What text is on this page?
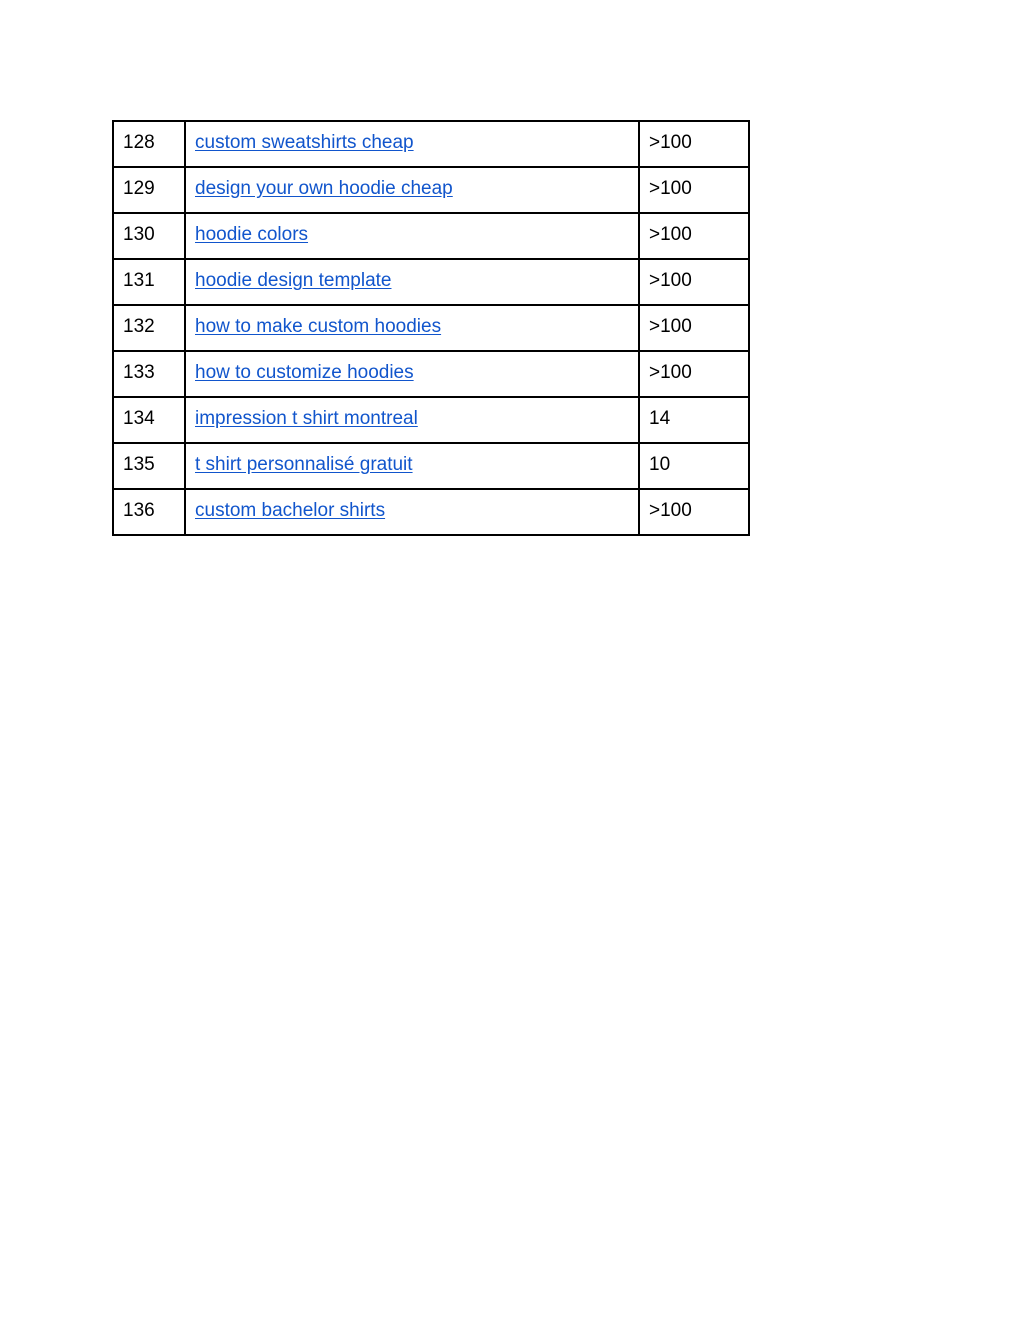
128	custom sweatshirts cheap	>100

129	design your own hoodie cheap	>100

130	hoodie colors	>100

131	hoodie design template	>100

132	how to make custom hoodies	>100

133	how to customize hoodies	>100

134	impression t shirt montreal	14

135	t shirt personnalisé gratuit	10

136	custom bachelor shirts	>100
